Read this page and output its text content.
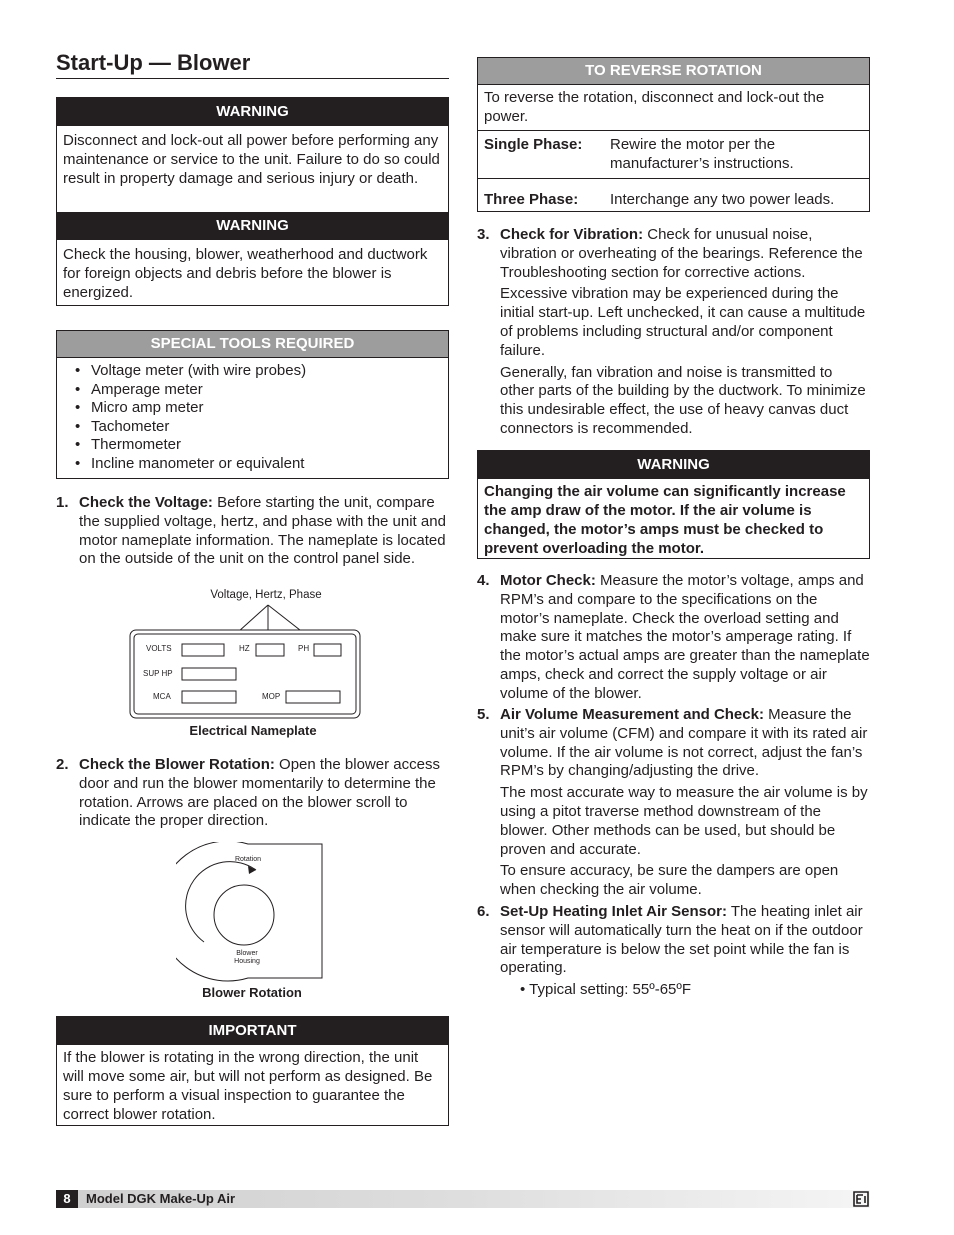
Start-Up — Blower
WARNING
Disconnect and lock-out all power before performing any maintenance or service to the unit. Failure to do so could result in property damage and serious injury or death.
WARNING
Check the housing, blower, weatherhood and ductwork for foreign objects and debris before the blower is energized.
SPECIAL TOOLS REQUIRED
• Voltage meter (with wire probes)
• Amperage meter
• Micro amp meter
• Tachometer
• Thermometer
• Incline manometer or equivalent
1. Check the Voltage: Before starting the unit, compare the supplied voltage, hertz, and phase with the unit and motor nameplate information. The nameplate is located on the outside of the unit on the control panel side.
Voltage, Hertz, Phase
VOLTS	HZ	PH
SUP HP
MCA	MOP
Electrical Nameplate
2. Check the Blower Rotation: Open the blower access door and run the blower momentarily to determine the rotation. Arrows are placed on the blower scroll to indicate the proper direction.
Rotation
Blower
Housing
Blower Rotation
IMPORTANT
If the blower is rotating in the wrong direction, the unit will move some air, but will not perform as designed. Be sure to perform a visual inspection to guarantee the correct blower rotation.
TO REVERSE ROTATION
To reverse the rotation, disconnect and lock-out the power.	
Single Phase:	Rewire the motor per the manufacturer’s instructions.
Three Phase:	Interchange any two power leads.
3. Check for Vibration: Check for unusual noise, vibration or overheating of the bearings. Reference the Troubleshooting section for corrective actions.

Excessive vibration may be experienced during the initial start-up. Left unchecked, it can cause a multitude of problems including structural and/or component failure.

Generally, fan vibration and noise is transmitted to other parts of the building by the ductwork. To minimize this undesirable effect, the use of heavy canvas duct connectors is recommended.

WARNING
Changing the air volume can significantly increase the amp draw of the motor. If the air volume is changed, the motor’s amps must be checked to prevent overloading the motor.
4. Motor Check: Measure the motor’s voltage, amps and RPM’s and compare to the specifications on the motor’s nameplate. Check the overload setting and make sure it matches the motor’s amperage rating. If the motor’s actual amps are greater than the nameplate amps, check and correct the supply voltage or air volume of the blower.
5. Air Volume Measurement and Check: Measure the unit’s air volume (CFM) and compare it with its rated air volume. If the air volume is not correct, adjust the fan’s RPM’s by changing/adjusting the drive.

The most accurate way to measure the air volume is by using a pitot traverse method downstream of the blower. Other methods can be used, but should be proven and accurate.

To ensure accuracy, be sure the dampers are open when checking the air volume.

6. Set-Up Heating Inlet Air Sensor: The heating inlet air sensor will automatically turn the heat on if the outdoor air temperature is below the set point while the fan is operating.

• Typical setting: 55º-65ºF

8	Model DGK Make-Up Air
